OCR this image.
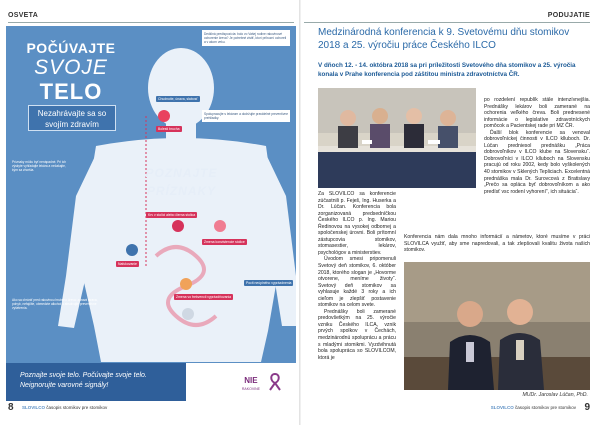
OSVETA
POČÚVAJTE
SVOJE
TELO
Nezahrávajte sa so svojím zdravím
Dedičná predispozícia: bolo vo Vašej rodine rakovinové ochorenie čreva? Je potrebné zistiť, ktorí príbuzní ochoreli a v akom veku.
Spolupracujte s lekárom a dodržujte pravidelné preventívne prehliadky.
Chudnutie, únava, slabosť
Bolesti brucha
POZNAJTE
PRÍZNAKY
Príznaky môžu byť nenápadné. Pri ich výskyte vyhľadajte lekára a nečakajte, kým sa zhoršia.
Krv v stolici alebo čierna stolica
Zmena konzistencie stolice
Nafukovanie
Zmena vo frekvencii vyprázdňovania
Pocit neúplného vyprázdnenia
Ako sa chrániť pred rakovinou hrubého čreva: zdravá strava, pohyb, nefajčite, obmedzte alkohol a absolvujte preventívne vyšetrenia.
Poznajte svoje telo. Počúvajte svoje telo.
Neignorujte varovné signály!
NIE
RAKOVINE
8 SLOVILCO časopis stomikov pre stomikov
PODUJATIE
Medzinárodná konferencia k 9. Svetovému dňu stomikov 2018 a 25. výročiu práce Českého ILCO
V dňoch 12. - 14. októbra 2018 sa pri príležitosti Svetového dňa stomikov a 25. výročia konala v Prahe konferencia pod záštitou ministra zdravotníctva ČR.

Za SLOVILCO sa konferencie zúčastnili p. Feješ, Ing. Huserka a Dr. Lúčan. Konferencia bola zorganizovaná predsedníčkou Českého ILCO p. Ing. Mariou Ředinovou na vysokej odbornej a spoločenskej úrovni. Boli prítomní zástupcovia stomikov, stomasestier, lekárov, psychológov a ministerstiev.

Úvodom smesi pripomenuli Svetový deň stomikov, 6. október 2018, ktorého slogan je „Hovorme otvorene, meníme životy“. Svetový deň stomikov sa vyhlasuje každé 3 roky a ich cieľom je zlepšiť postavenie stomikov na celom svete.

Prednášky boli zamerané predovšetkým na 25. výročie vzniku Českého ILCA, vznik prvých spolkov v Čechách, medzinárodnú spoluprácu a prácu s mladými stomikmi. Vyzdvihnutá bola spolupráca so SLOVILCOM, ktorá je

po rozdelení republík stále intenzívnejšia. Prednášky lekárov boli zamerané na ochorenia veľkého čreva. Boli prednesené informácie o legislatíve zdravotníckych pomôcok a Pacientskej rade pri MZ ČR.

Ďalší blok konferencie sa venoval dobrovoľníckej činnosti v ILCO klluboch. Dr. Lúčan predniesol prednášku „Práca dobrovoľníkov v ILCO klube na Slovensku“. Dobrovoľníci v ILCO klluboch na Slovensku pracujú od roku 2002, kedy bolo vyškolených 40 stomikov v Sklených Tepliciach. Excelentná prednáška mala Dr. Surovcová z Bratislavy „Prečo sa opláca byť dobrovoľníkom a ako predísť vsc rodení vyhorení”, ich situácia“.

Konferencia nám dala mnoho informácií a námetov, ktoré musíme v práci SLOVILCA využiť, aby sme napredovali, a tak zlepšovali kvalitu života našich stomikov.

MUDr. Jaroslav Lúčan, PhD.
SLOVILCO časopis stomikov pre stomikov 9
